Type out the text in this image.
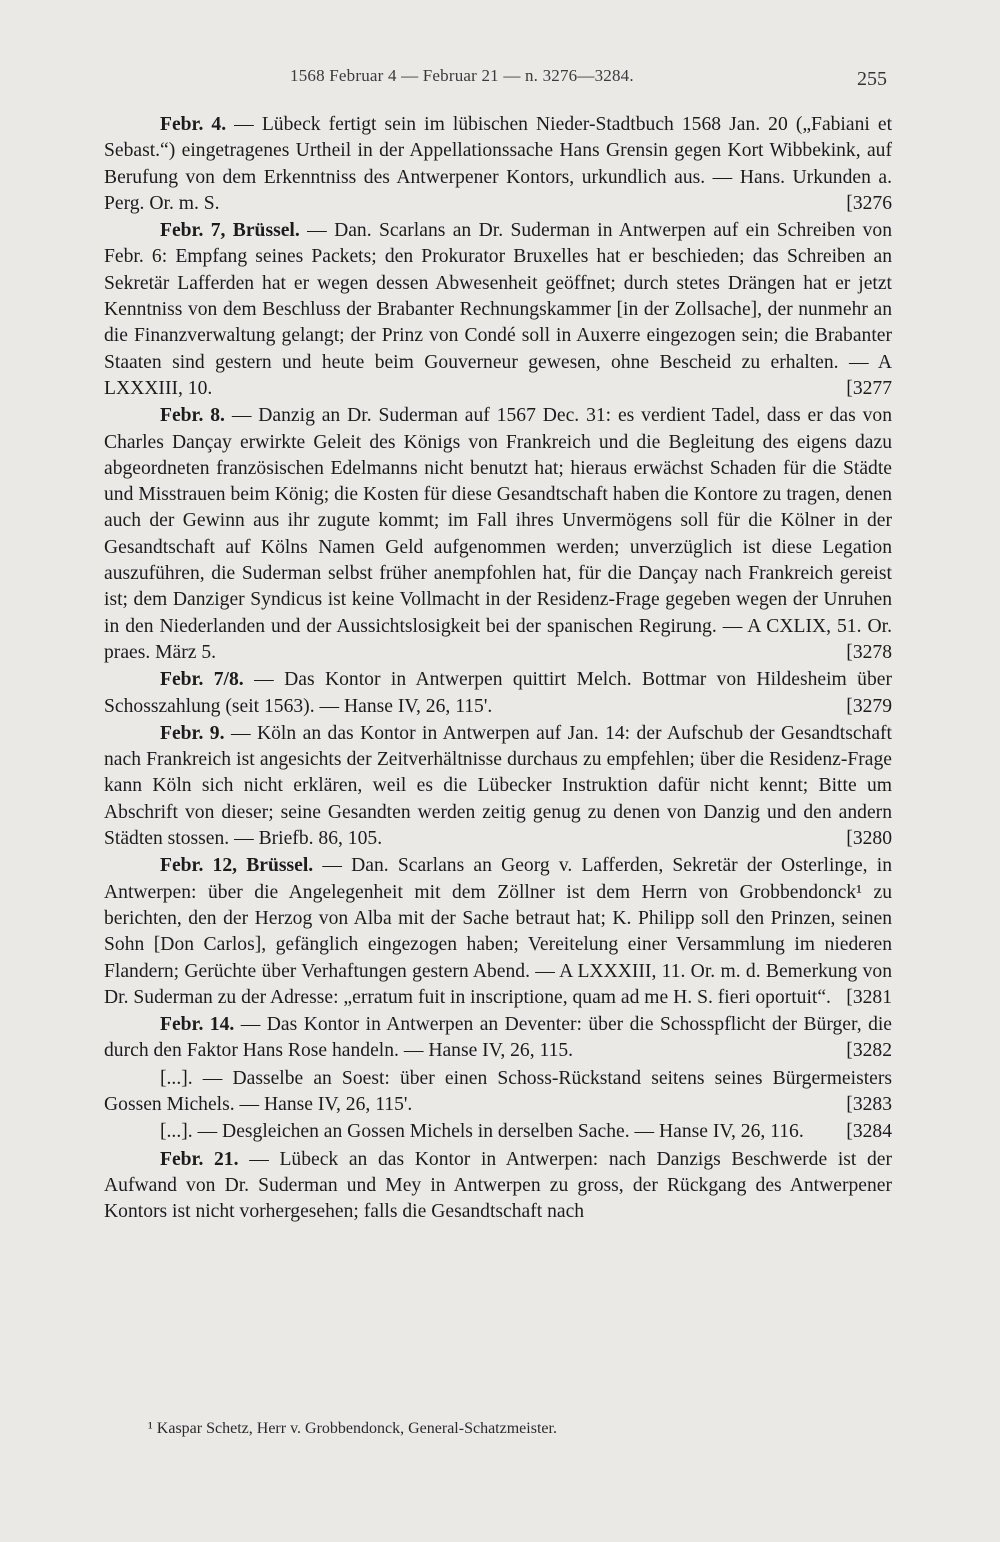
1568 Februar 4 — Februar 21 — n. 3276—3284.	255

Febr. 4. — Lübeck fertigt sein im lübischen Nieder-Stadtbuch 1568 Jan. 20 („Fabiani et Sebast.“) eingetragenes Urtheil in der Appellationssache Hans Grensin gegen Kort Wibbekink, auf Berufung von dem Erkenntniss des Antwerpener Kontors, urkundlich aus. — Hans. Urkunden a. Perg. Or. m. S.	[ 3276

Febr. 7, Brüssel. — Dan. Scarlans an Dr. Suderman in Antwerpen auf ein Schreiben von Febr. 6: Empfang seines Packets; den Prokurator Bruxelles hat er beschieden; das Schreiben an Sekretär Lafferden hat er wegen dessen Abwesenheit geöffnet; durch stetes Drängen hat er jetzt Kenntniss von dem Beschluss der Brabanter Rechnungskammer [in der Zollsache], der nunmehr an die Finanzverwaltung gelangt; der Prinz von Condé soll in Auxerre eingezogen sein; die Brabanter Staaten sind gestern und heute beim Gouverneur gewesen, ohne Bescheid zu erhalten. — A LXXXIII, 10.	[ 3277

Febr. 8. — Danzig an Dr. Suderman auf 1567 Dec. 31: es verdient Tadel, dass er das von Charles Dançay erwirkte Geleit des Königs von Frankreich und die Begleitung des eigens dazu abgeordneten französischen Edelmanns nicht benutzt hat; hieraus erwächst Schaden für die Städte und Misstrauen beim König; die Kosten für diese Gesandtschaft haben die Kontore zu tragen, denen auch der Gewinn aus ihr zugute kommt; im Fall ihres Unvermögens soll für die Kölner in der Gesandtschaft auf Kölns Namen Geld aufgenommen werden; unverzüglich ist diese Legation auszuführen, die Suderman selbst früher anempfohlen hat, für die Dançay nach Frankreich gereist ist; dem Danziger Syndicus ist keine Vollmacht in der Residenz-Frage gegeben wegen der Unruhen in den Niederlanden und der Aussichtslosigkeit bei der spanischen Regirung. — A CXLIX, 51. Or. praes. März 5.	[ 3278

Febr. 7/8. — Das Kontor in Antwerpen quittirt Melch. Bottmar von Hildesheim über Schosszahlung (seit 1563). — Hanse IV, 26, 115'.	[ 3279

Febr. 9. — Köln an das Kontor in Antwerpen auf Jan. 14: der Aufschub der Gesandtschaft nach Frankreich ist angesichts der Zeitverhältnisse durchaus zu empfehlen; über die Residenz-Frage kann Köln sich nicht erklären, weil es die Lübecker Instruktion dafür nicht kennt; Bitte um Abschrift von dieser; seine Gesandten werden zeitig genug zu denen von Danzig und den andern Städten stossen. — Briefb. 86, 105.	[ 3280

Febr. 12, Brüssel. — Dan. Scarlans an Georg v. Lafferden, Sekretär der Osterlinge, in Antwerpen: über die Angelegenheit mit dem Zöllner ist dem Herrn von Grobbendonck¹ zu berichten, den der Herzog von Alba mit der Sache betraut hat; K. Philipp soll den Prinzen, seinen Sohn [Don Carlos], gefänglich eingezogen haben; Vereitelung einer Versammlung im niederen Flandern; Gerüchte über Verhaftungen gestern Abend. — A LXXXIII, 11. Or. m. d. Bemerkung von Dr. Suderman zu der Adresse: „erratum fuit in inscriptione, quam ad me H. S. fieri oportuit“.	[ 3281

Febr. 14. — Das Kontor in Antwerpen an Deventer: über die Schosspflicht der Bürger, die durch den Faktor Hans Rose handeln. — Hanse IV, 26, 115.	[ 3282

[...]. — Dasselbe an Soest: über einen Schoss-Rückstand seitens seines Bürgermeisters Gossen Michels. — Hanse IV, 26, 115'.	[ 3283

[...]. — Desgleichen an Gossen Michels in derselben Sache. — Hanse IV, 26, 116.	[ 3284

Febr. 21. — Lübeck an das Kontor in Antwerpen: nach Danzigs Beschwerde ist der Aufwand von Dr. Suderman und Mey in Antwerpen zu gross, der Rückgang des Antwerpener Kontors ist nicht vorhergesehen; falls die Gesandtschaft nach

¹ Kaspar Schetz, Herr v. Grobbendonck, General-Schatzmeister.
